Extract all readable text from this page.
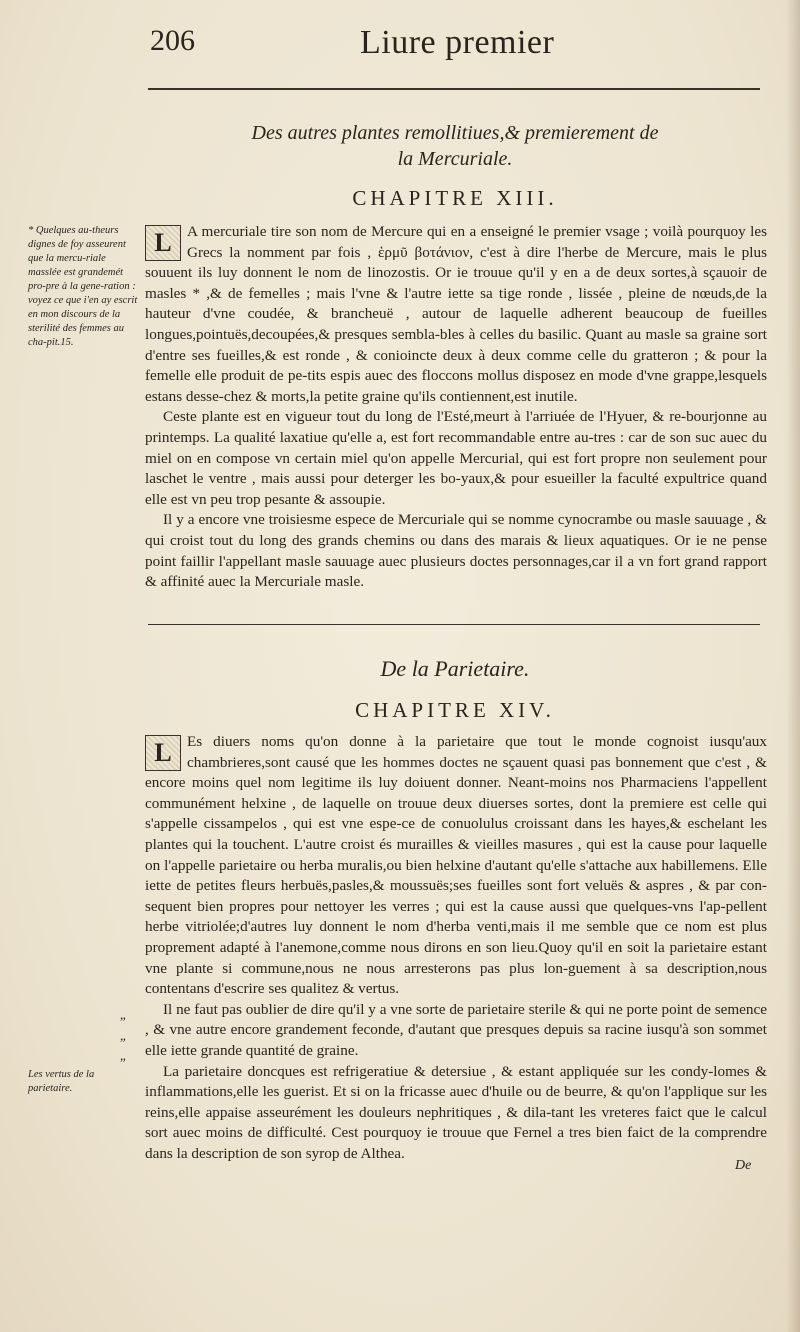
206	Liure premier
Des autres plantes remollitiues,& premierement de
la Mercuriale.
CHAPITRE XIII.
* Quelques au-theurs dignes de foy asseurent que la mercu-riale masslée est grandemét pro-pre à la gene-ration : voyez ce que i'en ay escrit en mon discours de la sterilité des femmes au cha-pit.15.

L	A mercuriale tire son nom de Mercure qui en a enseigné le premier vsage ; voilà pourquoy les Grecs la nomment par fois , ἑρμῦ βοτάνιον, c'est à dire l'herbe de Mercure, mais le plus souuent ils luy donnent le nom de linozostis. Or ie trouue qu'il y en a de deux sortes,à sçauoir de masles * ,& de femelles ; mais l'vne & l'autre iette sa tige ronde , lissée , pleine de nœuds,de la hauteur d'vne coudée, & brancheuë , autour de laquelle adherent beaucoup de fueilles longues,pointuës,decoupées,& presques sembla-bles à celles du basilic. Quant au masle sa graine sort d'entre ses fueilles,& est ronde , & conioincte deux à deux comme celle du gratteron ; & pour la femelle elle produit de pe-tits espis auec des floccons mollus disposez en mode d'vne grappe,lesquels estans desse-chez & morts,la petite graine qu'ils contiennent,est inutile.

Ceste plante est en vigueur tout du long de l'Esté,meurt à l'arriuée de l'Hyuer, & re-bourjonne au printemps. La qualité laxatiue qu'elle a, est fort recommandable entre au-tres : car de son suc auec du miel on en compose vn certain miel qu'on appelle Mercurial, qui est fort propre non seulement pour laschet le ventre , mais aussi pour deterger les bo-yaux,& pour esueiller la faculté expultrice quand elle est vn peu trop pesante & assoupie.

Il y a encore vne troisiesme espece de Mercuriale qui se nomme cynocrambe ou masle sauuage , & qui croist tout du long des grands chemins ou dans des marais & lieux aquatiques. Or ie ne pense point faillir l'appellant masle sauuage auec plusieurs doctes personnages,car il a vn fort grand rapport & affinité auec la Mercuriale masle.

De la Parietaire.
CHAPITRE XIV.

L	Es diuers noms qu'on donne à la parietaire que tout le monde cognoist iusqu'aux chambrieres,sont causé que les hommes doctes ne sçauent quasi pas bonnement que c'est , & encore moins quel nom legitime ils luy doiuent donner. Neant-moins nos Pharmaciens l'appellent communément helxine , de laquelle on trouue deux diuerses sortes, dont la premiere est celle qui s'appelle cissampelos , qui est vne espe-ce de conuolulus croissant dans les hayes,& eschelant les plantes qui la touchent. L'autre croist és murailles & vieilles masures , qui est la cause pour laquelle on l'appelle parietaire ou herba muralis,ou bien helxine d'autant qu'elle s'attache aux habillemens. Elle iette de petites fleurs herbuës,pasles,& moussuës;ses fueilles sont fort veluës & aspres , & par con-sequent bien propres pour nettoyer les verres ; qui est la cause aussi que quelques-vns l'ap-pellent herbe vitriolée;d'autres luy donnent le nom d'herba venti,mais il me semble que ce nom est plus proprement adapté à l'anemone,comme nous dirons en son lieu.Quoy qu'il en soit la parietaire estant vne plante si commune,nous ne nous arresterons pas plus lon-guement à sa description,nous contentans d'escrire ses qualitez & vertus.

Il ne faut pas oublier de dire qu'il y a vne sorte de parietaire sterile & qui ne porte point de semence , & vne autre encore grandement feconde, d'autant que presques depuis sa racine iusqu'à son sommet elle iette grande quantité de graine.

La parietaire doncques est refrigeratiue & detersiue , & estant appliquée sur les condy-lomes & inflammations,elle les guerist. Et si on la fricasse auec d'huile ou de beurre, & qu'on l'applique sur les reins,elle appaise asseurément les douleurs nephritiques , & dila-tant les vreteres faict que le calcul sort auec moins de difficulté. Cest pourquoy ie trouue que Fernel a tres bien faict de la comprendre dans la description de son syrop de Althea.

”
”
”
Les vertus de la parietaire.
De
